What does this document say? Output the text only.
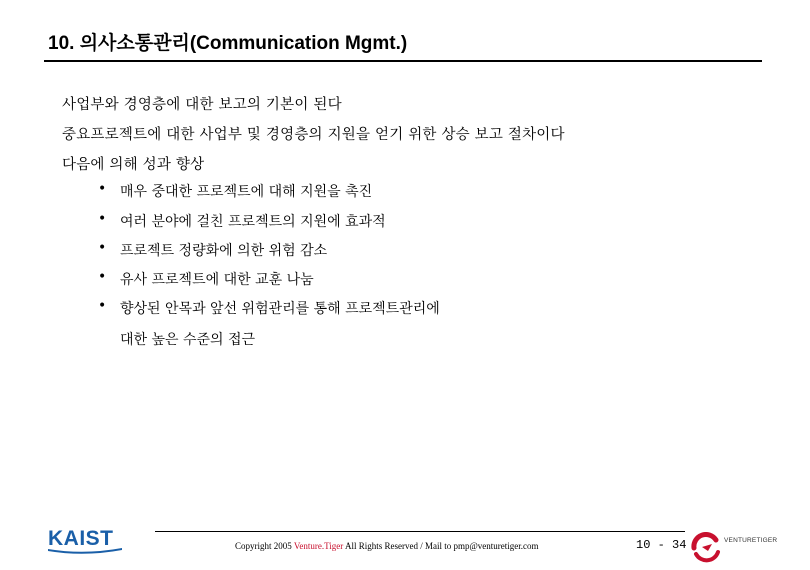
10. 의사소통관리(Communication Mgmt.)
사업부와 경영층에 대한 보고의 기본이 된다
중요프로젝트에 대한 사업부 및 경영층의 지원을 얻기 위한 상승 보고 절차이다
다음에 의해 성과 향상
• 매우 중대한 프로젝트에 대해 지원을 촉진
• 여러 분야에 걸친 프로젝트의 지원에 효과적
• 프로젝트 정량화에 의한 위험 감소
• 유사 프로젝트에 대한 교훈 나눔
• 향상된 안목과 앞선 위험관리를 통해 프로젝트관리에
대한 높은 수준의 접근
KAIST	Copyright 2005 Venture.Tiger All Rights Reserved / Mail to pmp@venturetiger.com	10 - 34	VENTURETIGER
